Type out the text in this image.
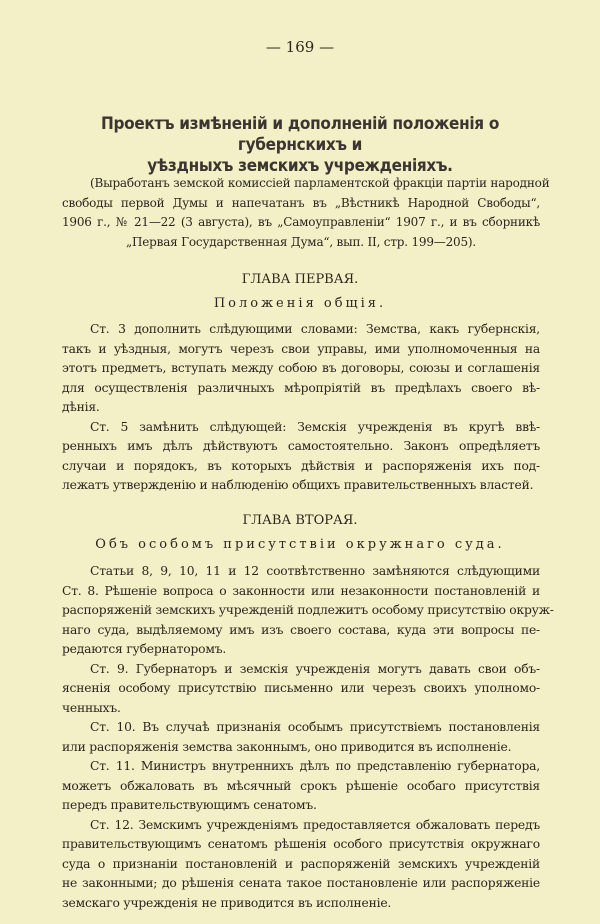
— 169 —
Проектъ измѣненій и дополненій положенія о губернскихъ и
уѣздныхъ земскихъ учрежденіяхъ.
(Выработанъ земской комиссіей парламентской фракціи партіи народной
свободы первой Думы и напечатанъ въ „Вѣстникѣ Народной Свободы“,
1906 г., № 21—22 (3 августа), въ „Самоуправленіи“ 1907 г., и въ сборникѣ
„Первая Государственная Дума“, вып. II, стр. 199—205).
ГЛАВА ПЕРВАЯ.
Положенія общія.
Ст. 3 дополнить слѣдующими словами: Земства, какъ губернскія,
такъ и уѣздныя, могутъ черезъ свои управы, ими уполномоченныя на
этотъ предметъ, вступать между собою въ договоры, союзы и соглашенія
для осуществленія различныхъ мѣропріятій въ предѣлахъ своего вѣ-
дѣнія.
Ст. 5 замѣнить слѣдующей: Земскія учрежденія въ кругѣ ввѣ-
ренныхъ имъ дѣлъ дѣйствуютъ самостоятельно. Законъ опредѣляетъ
случаи и порядокъ, въ которыхъ дѣйствія и распоряженія ихъ под-
лежатъ утвержденію и наблюденію общихъ правительственныхъ властей.
ГЛАВА ВТОРАЯ.
Объ особомъ присутствіи окружнаго суда.
Статьи 8, 9, 10, 11 и 12 соотвѣтственно замѣняются слѣдующими
Ст. 8. Рѣшеніе вопроса о законности или незаконности постановленій и
распоряженій земскихъ учрежденій подлежитъ особому присутствію окруж-
наго суда, выдѣляемому имъ изъ своего состава, куда эти вопросы пе-
редаются губернаторомъ.
Ст. 9. Губернаторъ и земскія учрежденія могутъ давать свои объ-
ясненія особому присутствію письменно или черезъ своихъ уполномо-
ченныхъ.
Ст. 10. Въ случаѣ признанія особымъ присутствіемъ постановленія
или распоряженія земства законнымъ, оно приводится въ исполненіе.
Ст. 11. Министръ внутреннихъ дѣлъ по представленію губернатора,
можетъ обжаловать въ мѣсячный срокъ рѣшеніе особаго присутствія
передъ правительствующимъ сенатомъ.
Ст. 12. Земскимъ учрежденіямъ предоставляется обжаловать передъ
правительствующимъ сенатомъ рѣшенія особого присутствія окружнаго
суда о признаніи постановленій и распоряженій земскихъ учрежденій
не законными; до рѣшенія сената такое постановленіе или распоряженіе
земскаго учрежденія не приводится въ исполненіе.
